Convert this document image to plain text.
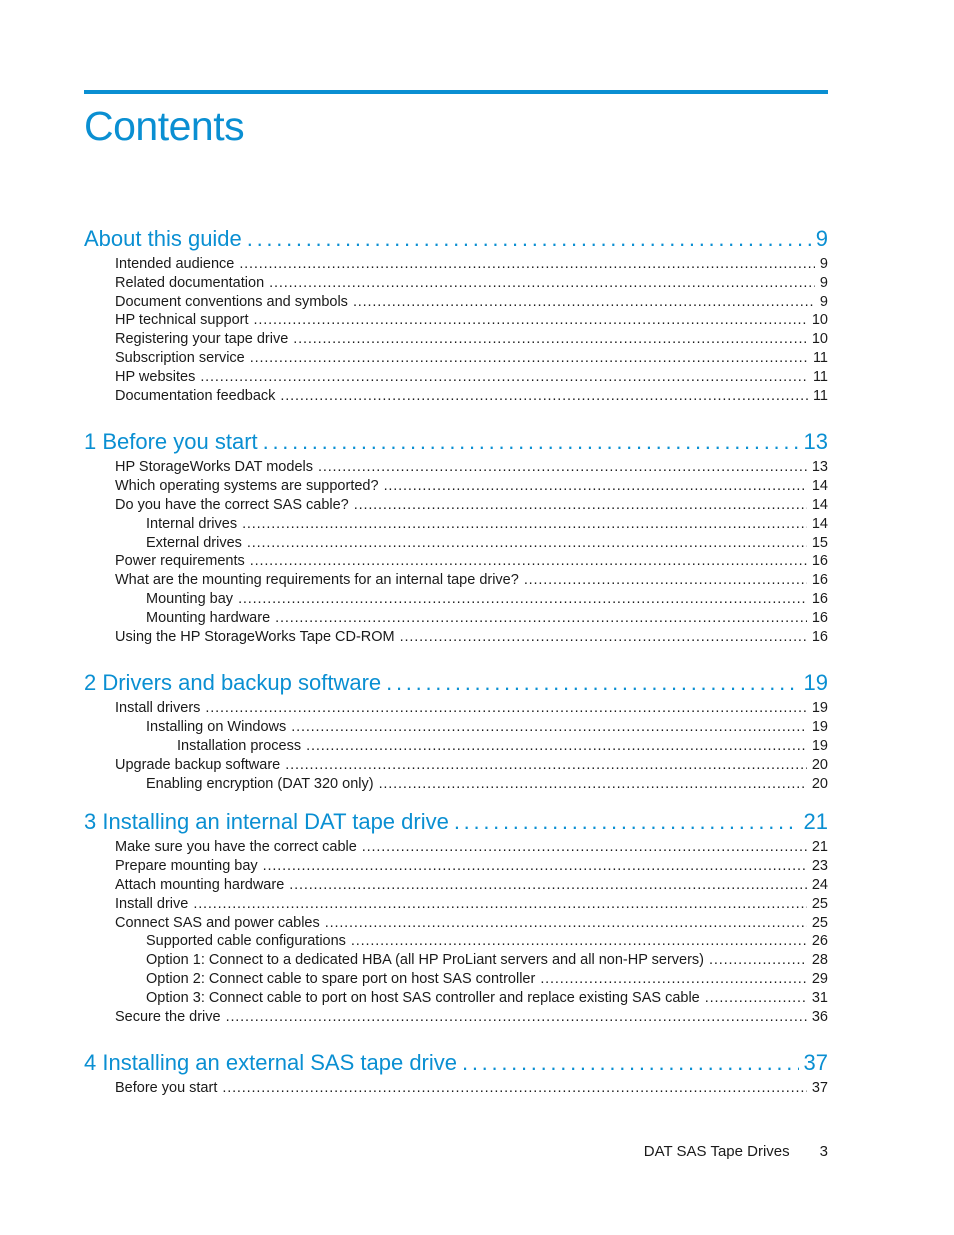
Contents
About this guide . . .	9
Intended audience . . .	9
Related documentation . . .	9
Document conventions and symbols . . .	9
HP technical support . . .	10
Registering your tape drive . . .	10
Subscription service . . .	11
HP websites . . .	11
Documentation feedback . . .	11
1 Before you start . . .	13
HP StorageWorks DAT models . . .	13
Which operating systems are supported? . . .	14
Do you have the correct SAS cable? . . .	14
Internal drives . . .	14
External drives . . .	15
Power requirements . . .	16
What are the mounting requirements for an internal tape drive? . . .	16
Mounting bay . . .	16
Mounting hardware . . .	16
Using the HP StorageWorks Tape CD-ROM . . .	16
2 Drivers and backup software . . .	19
Install drivers . . .	19
Installing on Windows . . .	19
Installation process . . .	19
Upgrade backup software . . .	20
Enabling encryption (DAT 320 only) . . .	20
3 Installing an internal DAT tape drive . . .	21
Make sure you have the correct cable . . .	21
Prepare mounting bay . . .	23
Attach mounting hardware . . .	24
Install drive . . .	25
Connect SAS and power cables . . .	25
Supported cable configurations . . .	26
Option 1: Connect to a dedicated HBA (all HP ProLiant servers and all non-HP servers) . . .	28
Option 2: Connect cable to spare port on host SAS controller . . .	29
Option 3: Connect cable to port on host SAS controller and replace existing SAS cable . . .	31
Secure the drive . . .	36
4 Installing an external SAS tape drive . . .	37
Before you start . . .	37
DAT SAS Tape Drives 3
